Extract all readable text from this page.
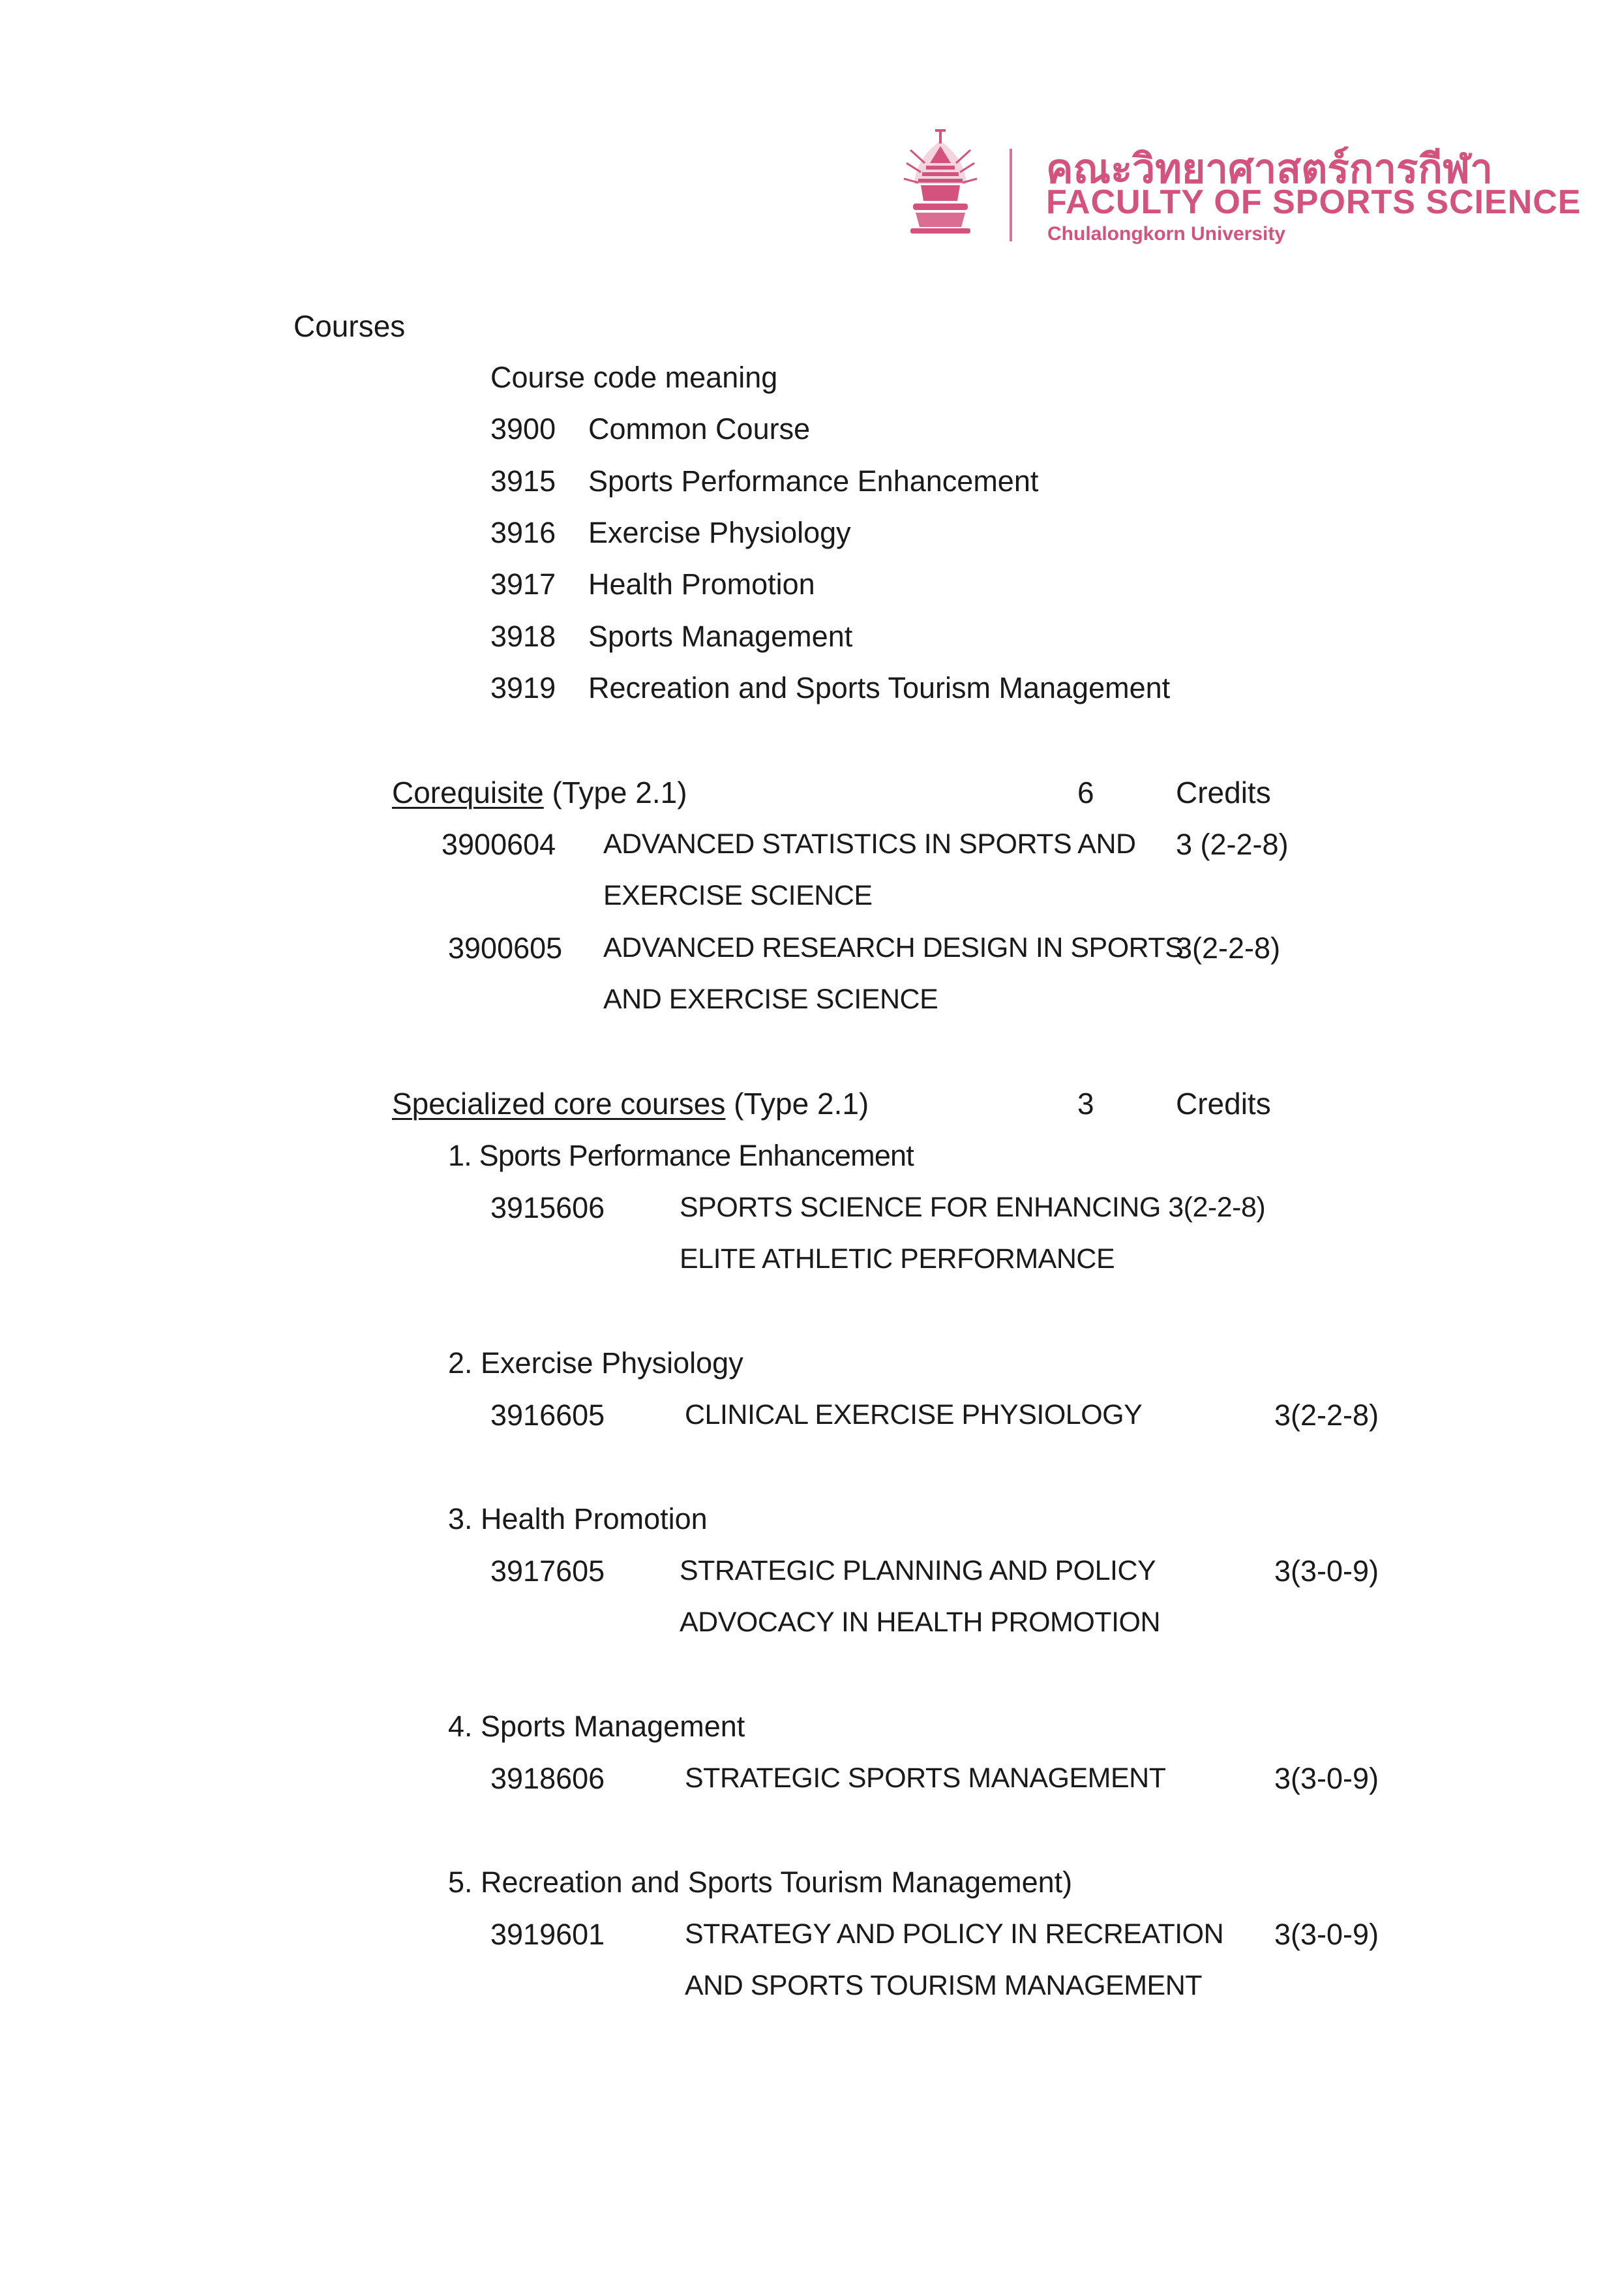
คณะวิทยาศาสตร์การกีฬา
FACULTY OF SPORTS SCIENCE
Chulalongkorn University
Courses
Course code meaning
3900 Common Course
3915 Sports Performance Enhancement
3916 Exercise Physiology
3917 Health Promotion
3918 Sports Management
3919 Recreation and Sports Tourism Management
Corequisite (Type 2.1)	6	Credits
3900604 ADVANCED STATISTICS IN SPORTS AND
EXERCISE SCIENCE
3 (2-2-8)
3900605 ADVANCED RESEARCH DESIGN IN SPORTS
AND EXERCISE SCIENCE
3(2-2-8)
Specialized core courses (Type 2.1)	3	Credits
1. Sports Performance Enhancement
3915606	SPORTS SCIENCE FOR ENHANCING 3(2-2-8)
ELITE ATHLETIC PERFORMANCE
2. Exercise Physiology
3916605	CLINICAL EXERCISE PHYSIOLOGY	3(2-2-8)
3. Health Promotion
3917605	STRATEGIC PLANNING AND POLICY
ADVOCACY IN HEALTH PROMOTION
3(3-0-9)
4. Sports Management
3918606	STRATEGIC SPORTS MANAGEMENT	3(3-0-9)
5. Recreation and Sports Tourism Management)
3919601	STRATEGY AND POLICY IN RECREATION
AND SPORTS TOURISM MANAGEMENT
3(3-0-9)
